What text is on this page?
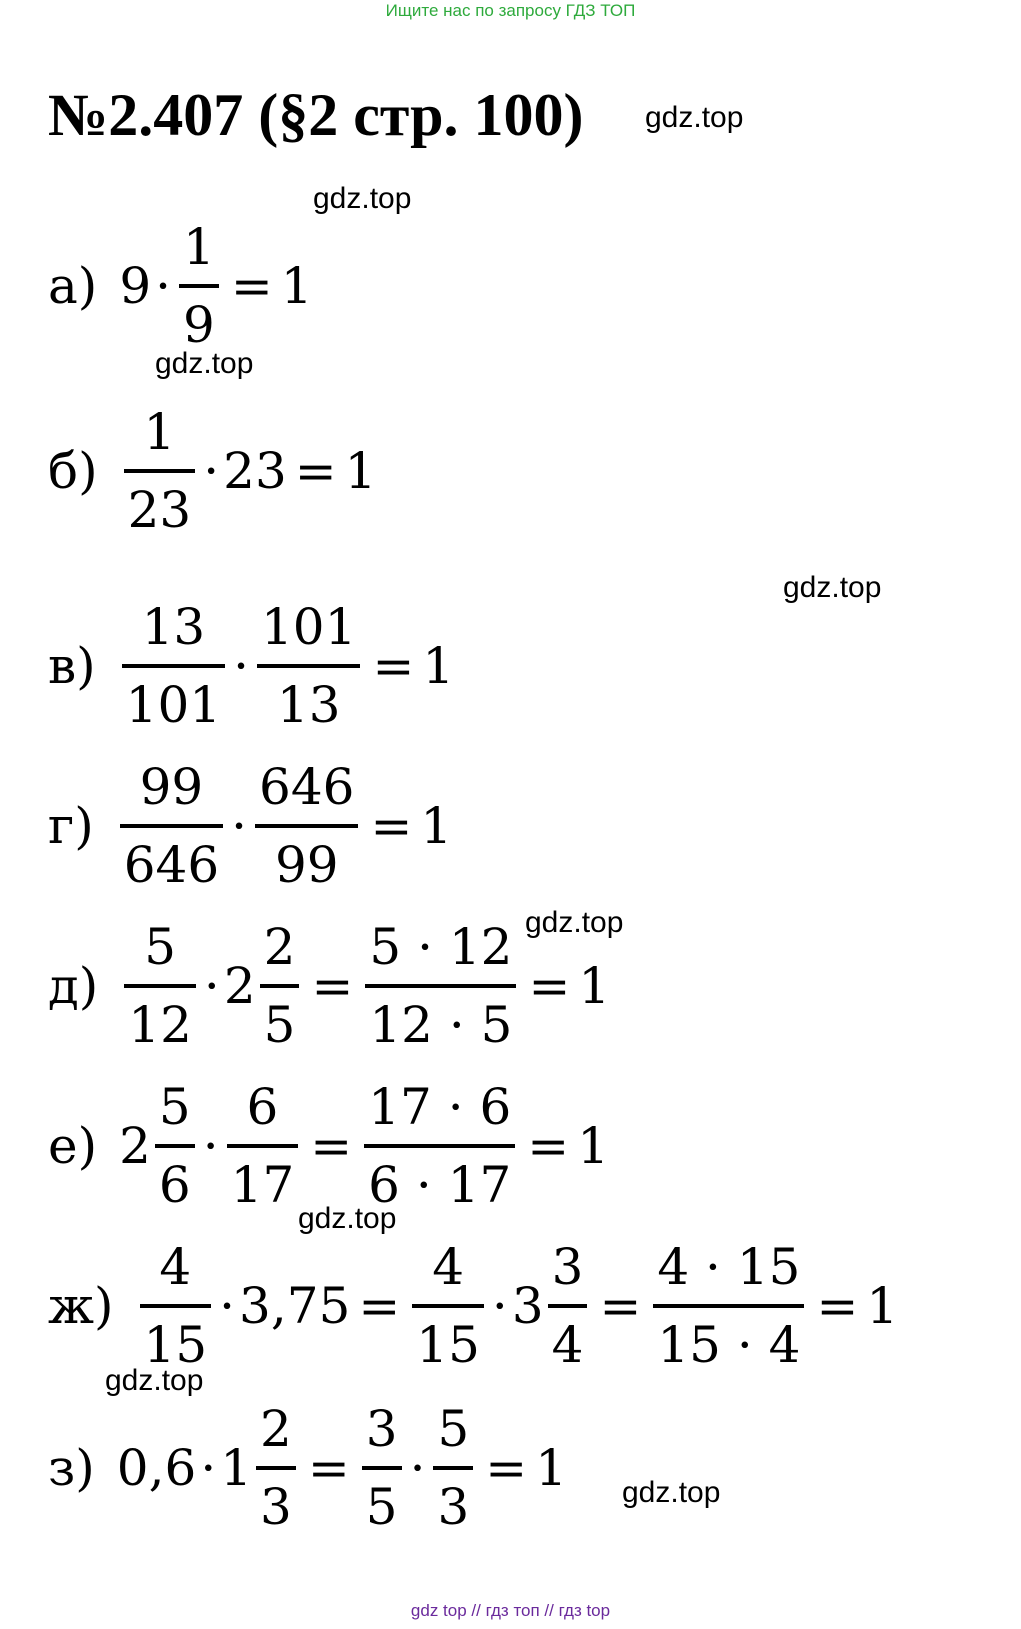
Ищите нас по запросу ГДЗ ТОП
№2.407 (§2 стр. 100) gdz.top
gdz.top
gdz.top
gdz.top
gdz.top
gdz.top
gdz.top
gdz.top
а) $9 \cdot \frac{1}{9} = 1$
$б) \frac{1}{23} \cdot 23 = 1$
$в) \frac{13}{101} \cdot \frac{101}{13} = 1$
$г) \frac{99}{646} \cdot \frac{646}{99} = 1$
$д) \frac{5}{12} \cdot 2 \frac{2}{5} = \frac{5 \cdot 12}{12 \cdot 5} = 1$
е) $2 \frac{5}{6} \cdot \frac{6}{17} = \frac{17 \cdot 6}{6 \cdot 17} = 1$
$ж) \frac{4}{15} \cdot 3,75 = \frac{4}{15} \cdot 3 \frac{3}{4} = \frac{4 \cdot 15}{15 \cdot 4} = 1$
з) $0,6 \cdot 1 \frac{2}{3} = \frac{3}{5} \cdot \frac{5}{3} = 1$
gdz top // гдз топ // гдз top
